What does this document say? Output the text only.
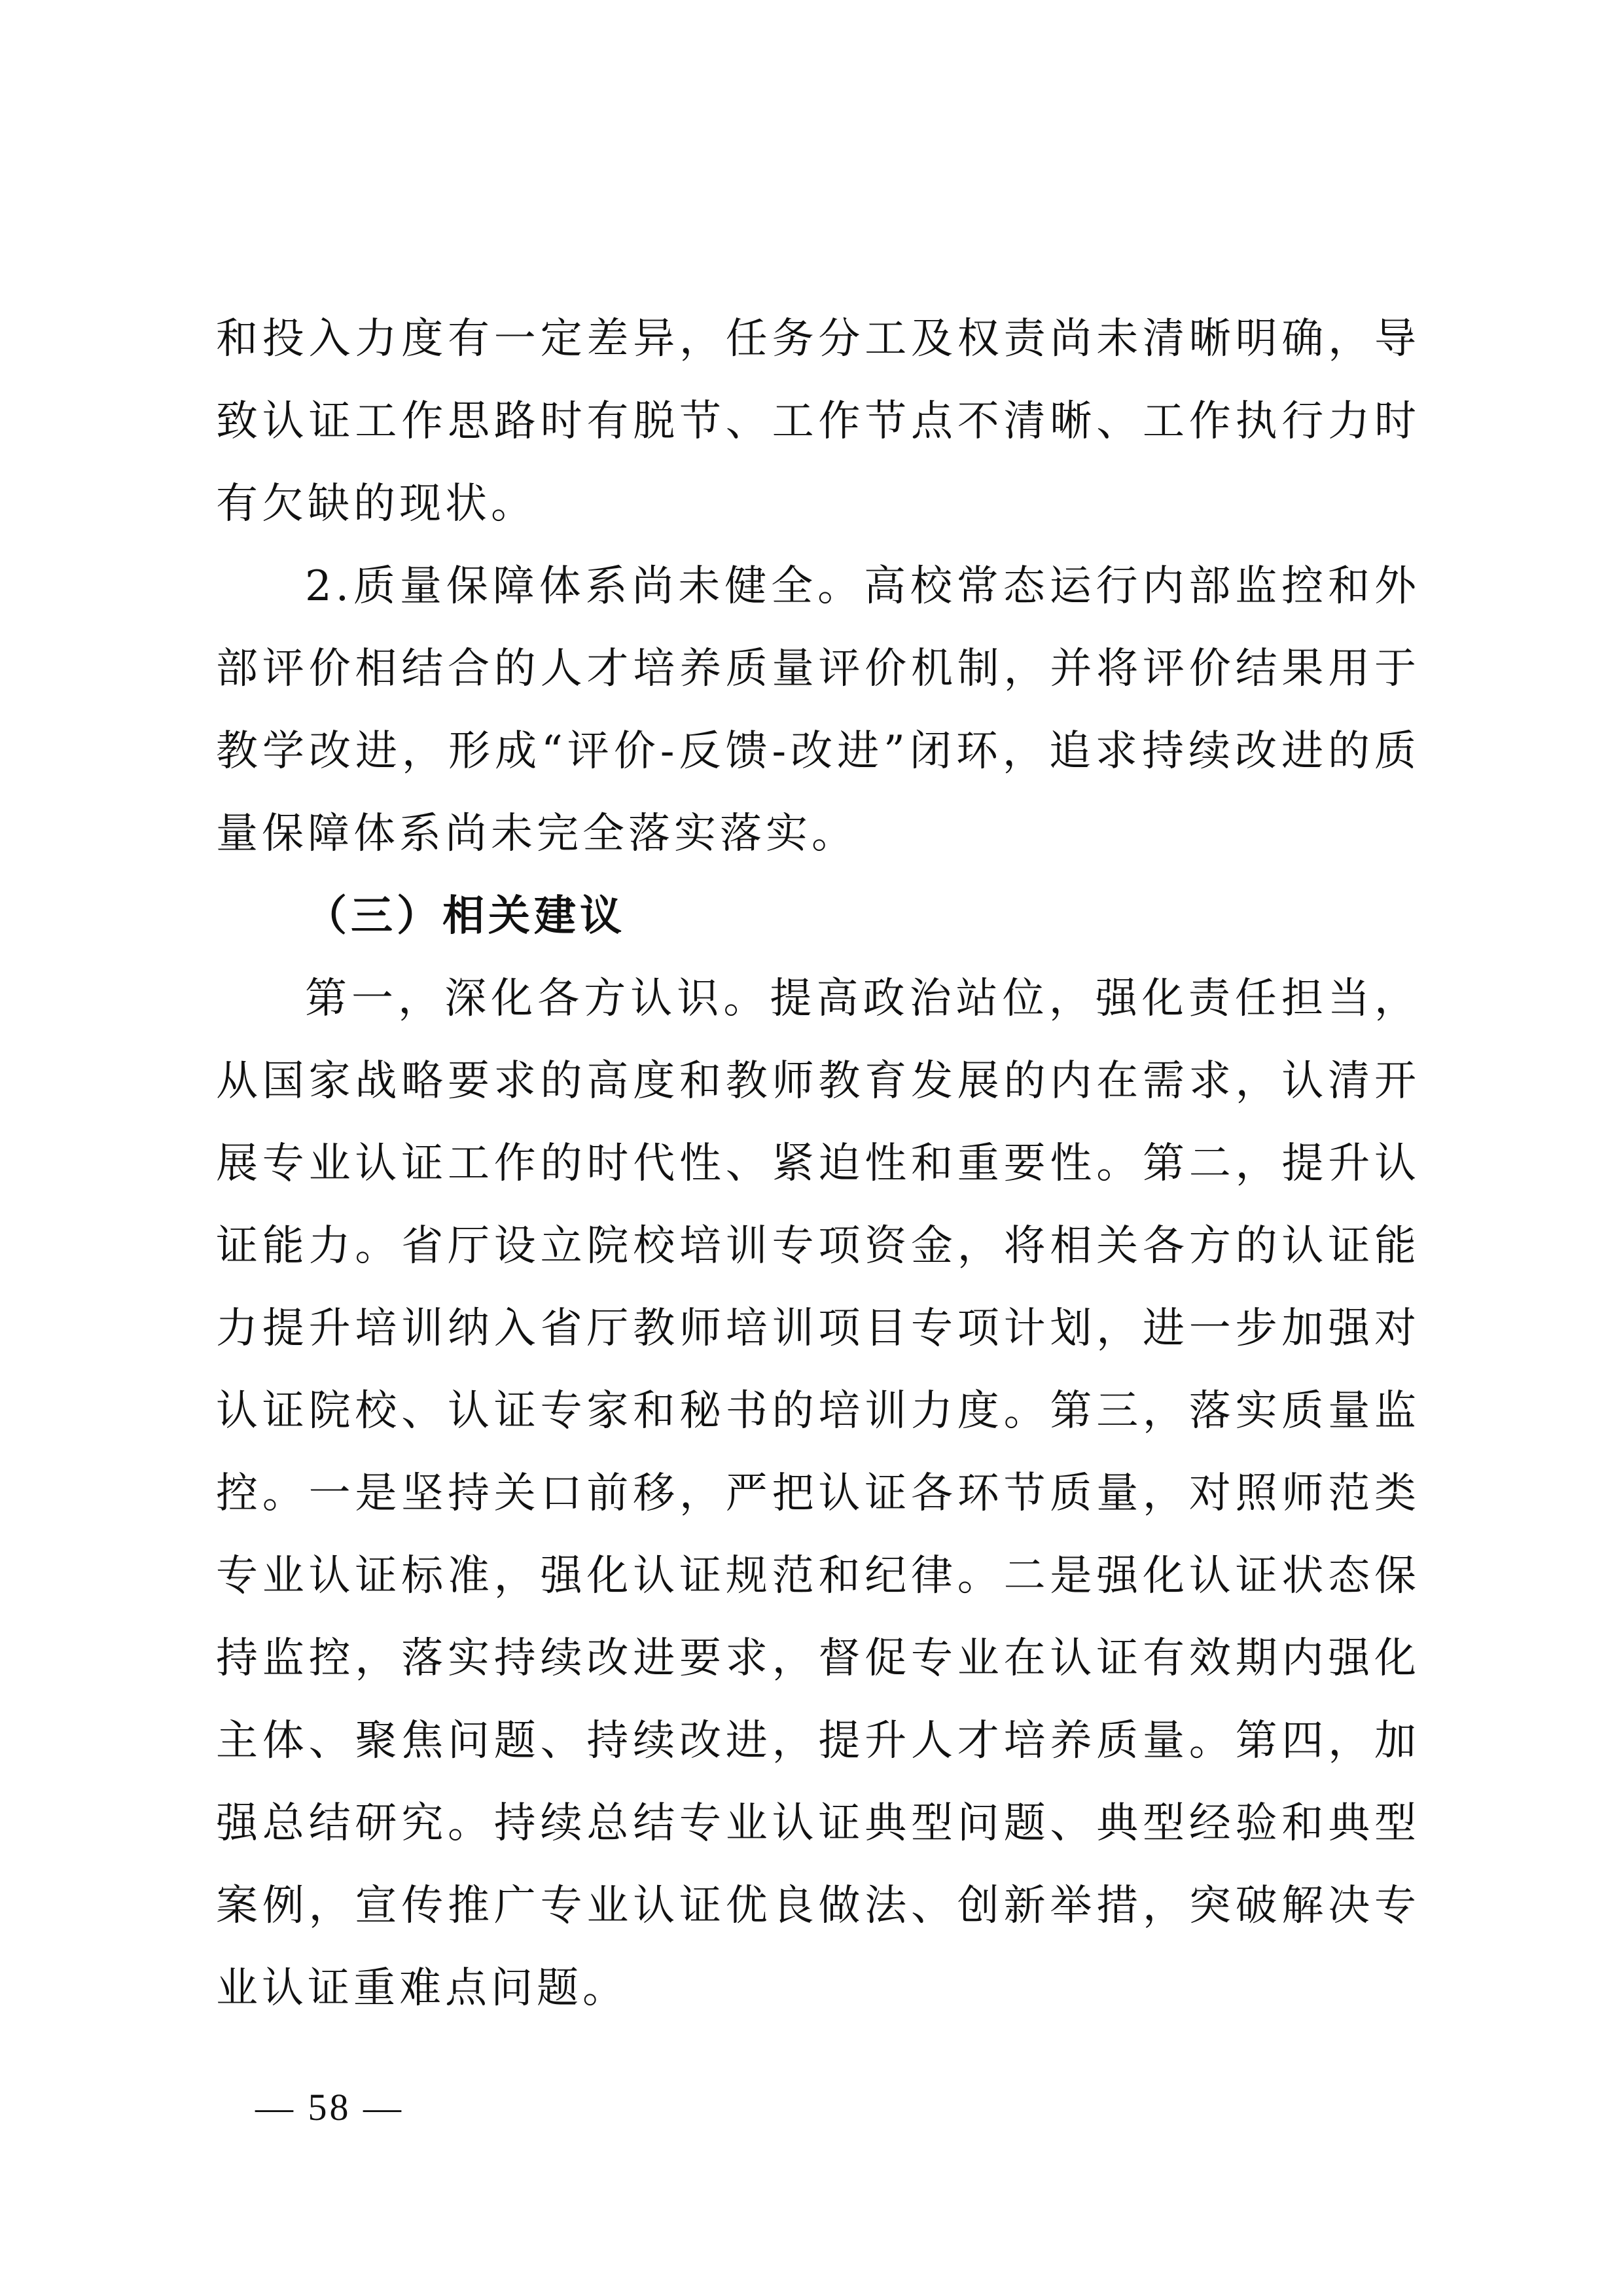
和投入力度有一定差异，任务分工及权责尚未清晰明确，导致认证工作思路时有脱节、工作节点不清晰、工作执行力时有欠缺的现状。

2.质量保障体系尚未健全。高校常态运行内部监控和外部评价相结合的人才培养质量评价机制，并将评价结果用于教学改进，形成“评价-反馈-改进”闭环，追求持续改进的质量保障体系尚未完全落实落实。

（三）相关建议

第一，深化各方认识。提高政治站位，强化责任担当，从国家战略要求的高度和教师教育发展的内在需求，认清开展专业认证工作的时代性、紧迫性和重要性。第二，提升认证能力。省厅设立院校培训专项资金，将相关各方的认证能力提升培训纳入省厅教师培训项目专项计划，进一步加强对认证院校、认证专家和秘书的培训力度。第三，落实质量监控。一是坚持关口前移，严把认证各环节质量，对照师范类专业认证标准，强化认证规范和纪律。二是强化认证状态保持监控，落实持续改进要求，督促专业在认证有效期内强化主体、聚焦问题、持续改进，提升人才培养质量。第四，加强总结研究。持续总结专业认证典型问题、典型经验和典型案例，宣传推广专业认证优良做法、创新举措，突破解决专业认证重难点问题。

— 58 —
